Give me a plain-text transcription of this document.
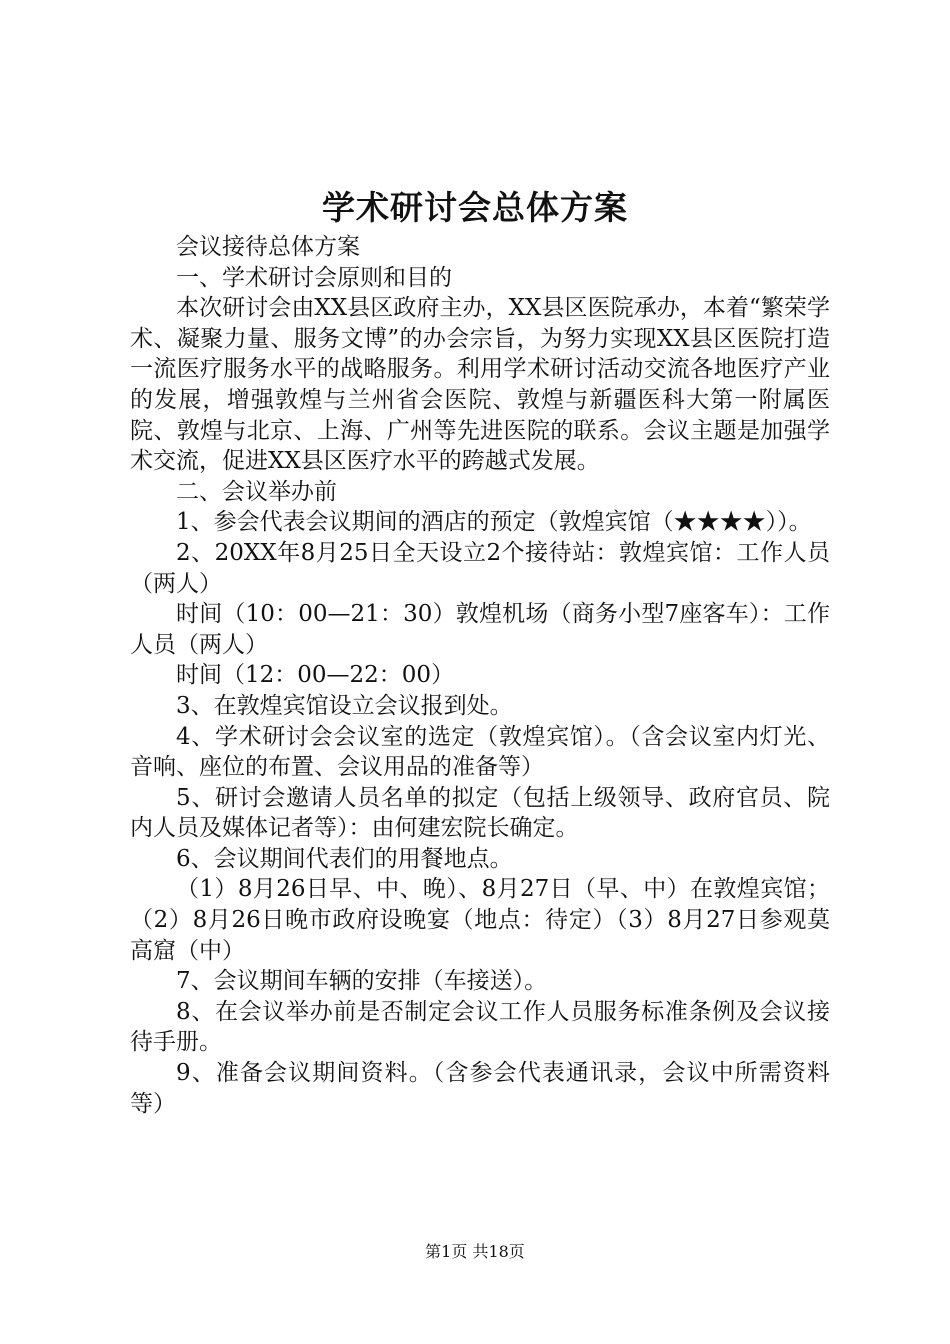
学术研讨会总体方案

会议接待总体方案

一、学术研讨会原则和目的

本次研讨会由XX县区政府主办，XX县区医院承办，本着“繁荣学术、凝聚力量、服务文博”的办会宗旨，为努力实现XX县区医院打造一流医疗服务水平的战略服务。利用学术研讨活动交流各地医疗产业的发展，增强敦煌与兰州省会医院、敦煌与新疆医科大第一附属医院、敦煌与北京、上海、广州等先进医院的联系。会议主题是加强学术交流，促进XX县区医疗水平的跨越式发展。

二、会议举办前

1、参会代表会议期间的酒店的预定（敦煌宾馆（★★★★））。

2、20XX年8月25日全天设立2个接待站：敦煌宾馆：工作人员（两人）

时间（10：00—21：30）敦煌机场（商务小型7座客车）：工作人员（两人）

时间（12：00—22：00）

3、在敦煌宾馆设立会议报到处。

4、学术研讨会会议室的选定（敦煌宾馆）。（含会议室内灯光、音响、座位的布置、会议用品的准备等）

5、研讨会邀请人员名单的拟定（包括上级领导、政府官员、院内人员及媒体记者等）：由何建宏院长确定。

6、会议期间代表们的用餐地点。

（1）8月26日早、中、晚）、8月27日（早、中）在敦煌宾馆；（2）8月26日晚市政府设晚宴（地点：待定）（3）8月27日参观莫高窟（中）

7、会议期间车辆的安排（车接送）。

8、在会议举办前是否制定会议工作人员服务标准条例及会议接待手册。

9、准备会议期间资料。（含参会代表通讯录，会议中所需资料等）

第1页 共18页
